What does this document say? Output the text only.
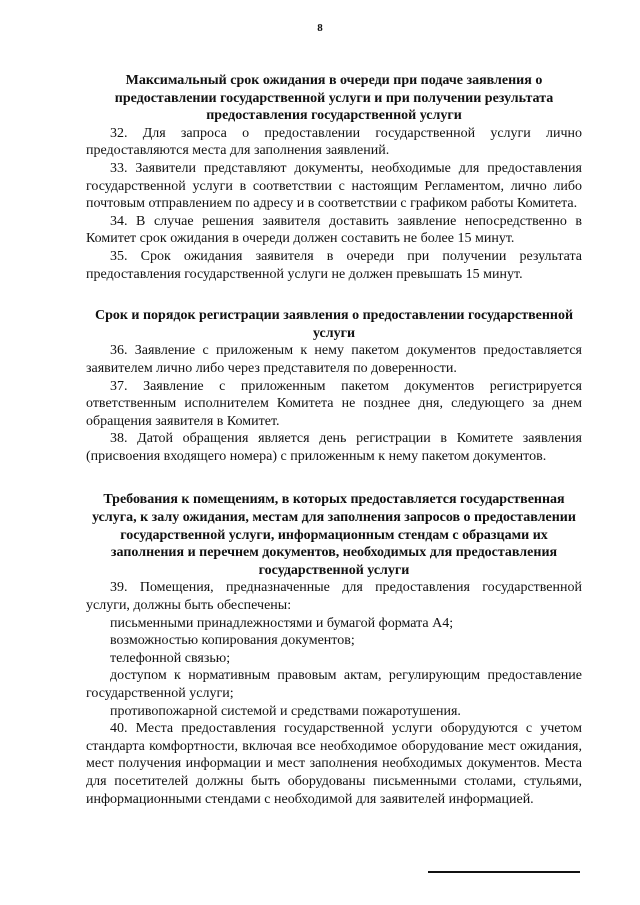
8

Максимальный срок ожидания в очереди при подаче заявления о предоставлении государственной услуги и при получении результата предоставления государственной услуги

32. Для запроса о предоставлении государственной услуги лично предоставляются места для заполнения заявлений.

33. Заявители представляют документы, необходимые для предоставления государственной услуги в соответствии с настоящим Регламентом, лично либо почтовым отправлением по адресу и в соответствии с графиком работы Комитета.

34. В случае решения заявителя доставить заявление непосредственно в Комитет срок ожидания в очереди должен составить не более 15 минут.

35. Срок ожидания заявителя в очереди при получении результата предоставления государственной услуги не должен превышать 15 минут.

Срок и порядок регистрации заявления о предоставлении государственной услуги

36. Заявление с приложеным к нему пакетом документов предоставляется заявителем лично либо через представителя по доверенности.

37. Заявление с приложенным пакетом документов регистрируется ответственным исполнителем Комитета не позднее дня, следующего за днем обращения заявителя в Комитет.

38. Датой обращения является день регистрации в Комитете заявления (присвоения входящего номера) с приложенным к нему пакетом документов.

Требования к помещениям, в которых предоставляется государственная услуга, к залу ожидания, местам для заполнения запросов о предоставлении государственной услуги, информационным стендам с образцами их заполнения и перечнем документов, необходимых для предоставления государственной услуги

39. Помещения, предназначенные для предоставления государственной услуги, должны быть обеспечены:

письменными принадлежностями и бумагой формата А4;

возможностью копирования документов;

телефонной связью;

доступом к нормативным правовым актам, регулирующим предоставление государственной услуги;

противопожарной системой и средствами пожаротушения.

40. Места предоставления государственной услуги оборудуются с учетом стандарта комфортности, включая все необходимое оборудование мест ожидания, мест получения информации и мест заполнения необходимых документов. Места для посетителей должны быть оборудованы письменными столами, стульями, информационными стендами с необходимой для заявителей информацией.
